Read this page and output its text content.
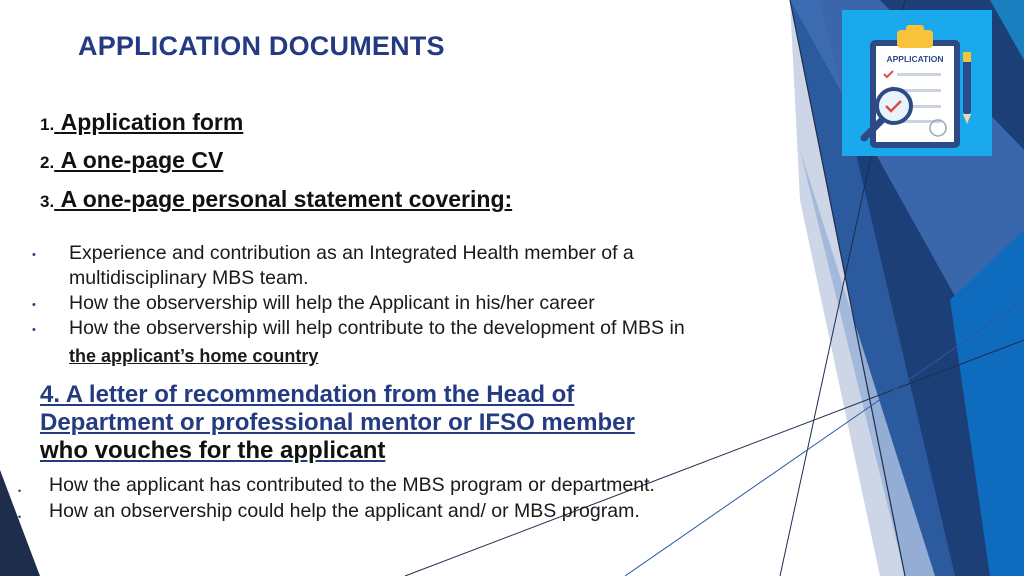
APPLICATION DOCUMENTS
1. Application form
2. A one-page CV
3. A one-page personal statement covering:
• Experience and contribution as an Integrated Health member of a multidisciplinary MBS team.
• How the observership will help the Applicant in his/her career
• How the observership will help contribute to the development of MBS in
the applicant’s home country

4. A letter of recommendation from the Head of
Department or professional mentor or IFSO member
who vouches for the applicant

• How the applicant has contributed to the MBS program or department.
• How an observership could help the applicant and/ or MBS program.
APPLICATION
